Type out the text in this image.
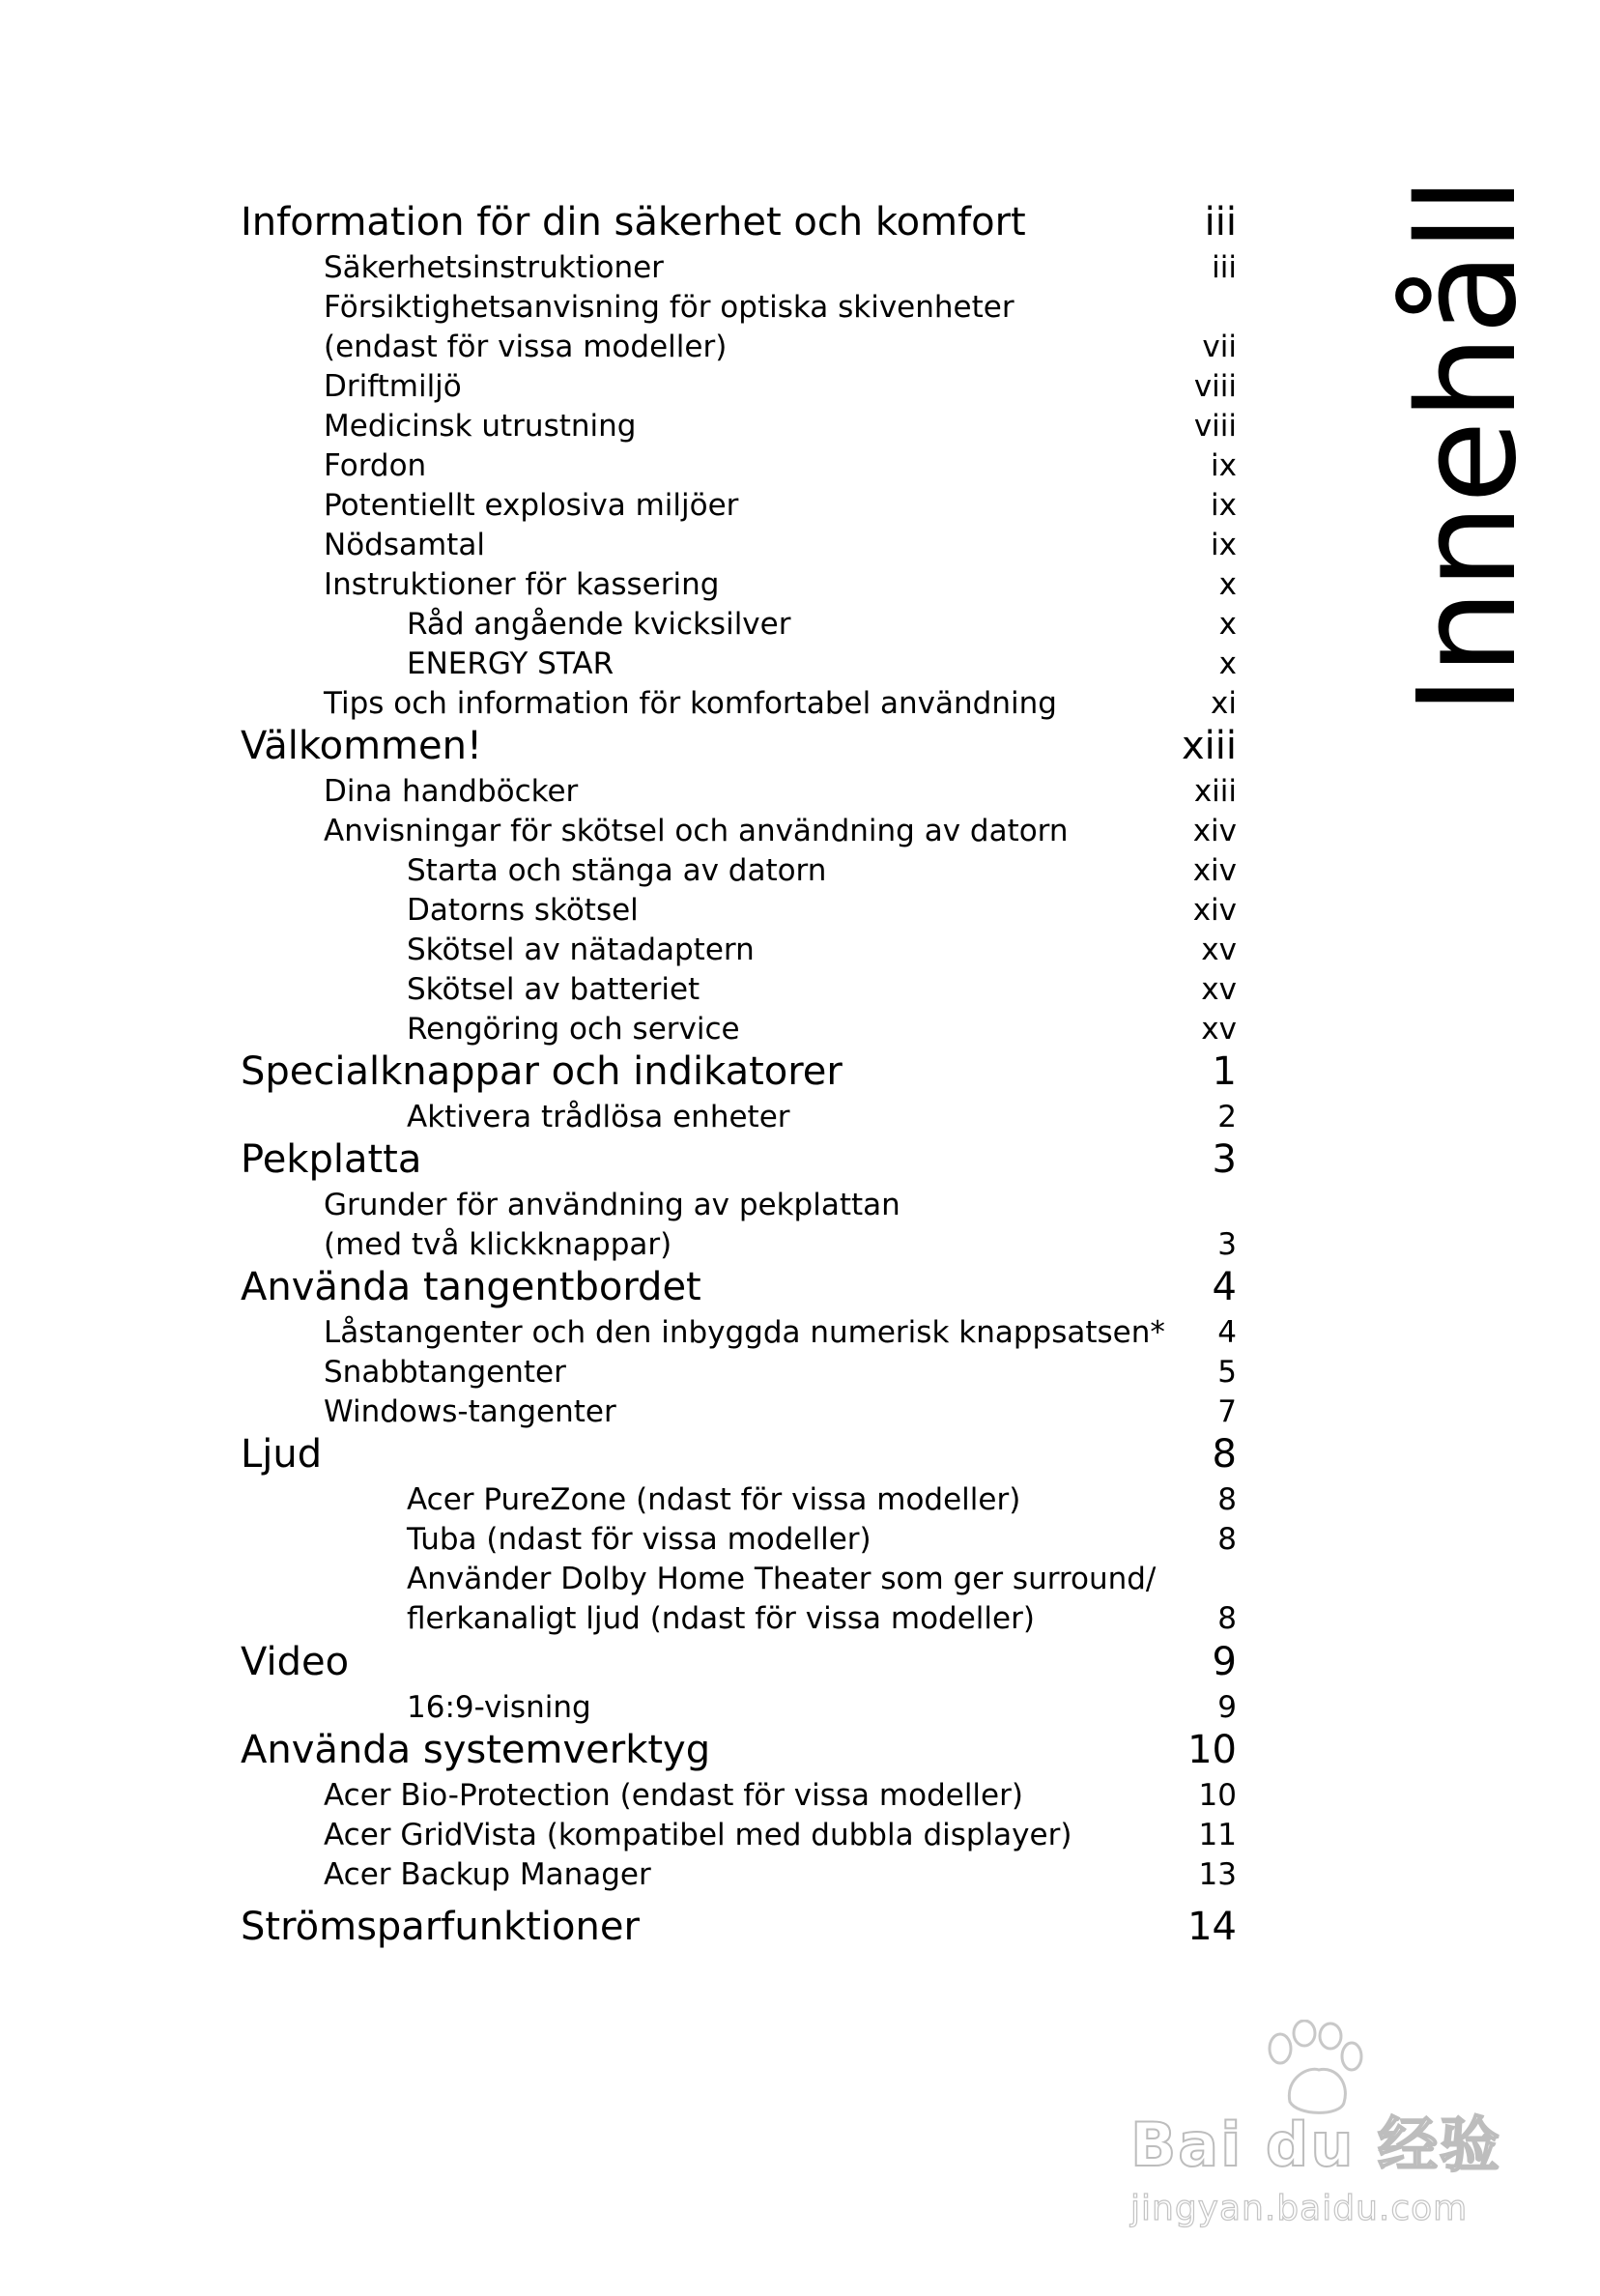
Information för din säkerhet och komfort	iii
Säkerhetsinstruktioner	iii
Försiktighetsanvisning för optiska skivenheter
(endast för vissa modeller)	vii
Driftmiljö	viii
Medicinsk utrustning	viii
Fordon	ix
Potentiellt explosiva miljöer	ix
Nödsamtal	ix
Instruktioner för kassering	x
Råd angående kvicksilver	x
ENERGY STAR	x
Tips och information för komfortabel användning	xi
Välkommen!	xiii
Dina handböcker	xiii
Anvisningar för skötsel och användning av datorn	xiv
Starta och stänga av datorn	xiv
Datorns skötsel	xiv
Skötsel av nätadaptern	xv
Skötsel av batteriet	xv
Rengöring och service	xv
Specialknappar och indikatorer	1
Aktivera trådlösa enheter	2
Pekplatta	3
Grunder för användning av pekplattan
(med två klickknappar)	3
Använda tangentbordet	4
Låstangenter och den inbyggda numerisk knappsatsen*	4
Snabbtangenter	5
Windows-tangenter	7
Ljud	8
Acer PureZone (ndast för vissa modeller)	8
Tuba (ndast för vissa modeller)	8
Använder Dolby Home Theater som ger surround/
flerkanaligt ljud (ndast för vissa modeller)	8
Video	9
16:9-visning	9
Använda systemverktyg	10
Acer Bio-Protection (endast för vissa modeller)	10
Acer GridVista (kompatibel med dubbla displayer)	11
Acer Backup Manager	13
Strömsparfunktioner	14
Innehåll
Bai du 经验
jingyan.baidu.com
